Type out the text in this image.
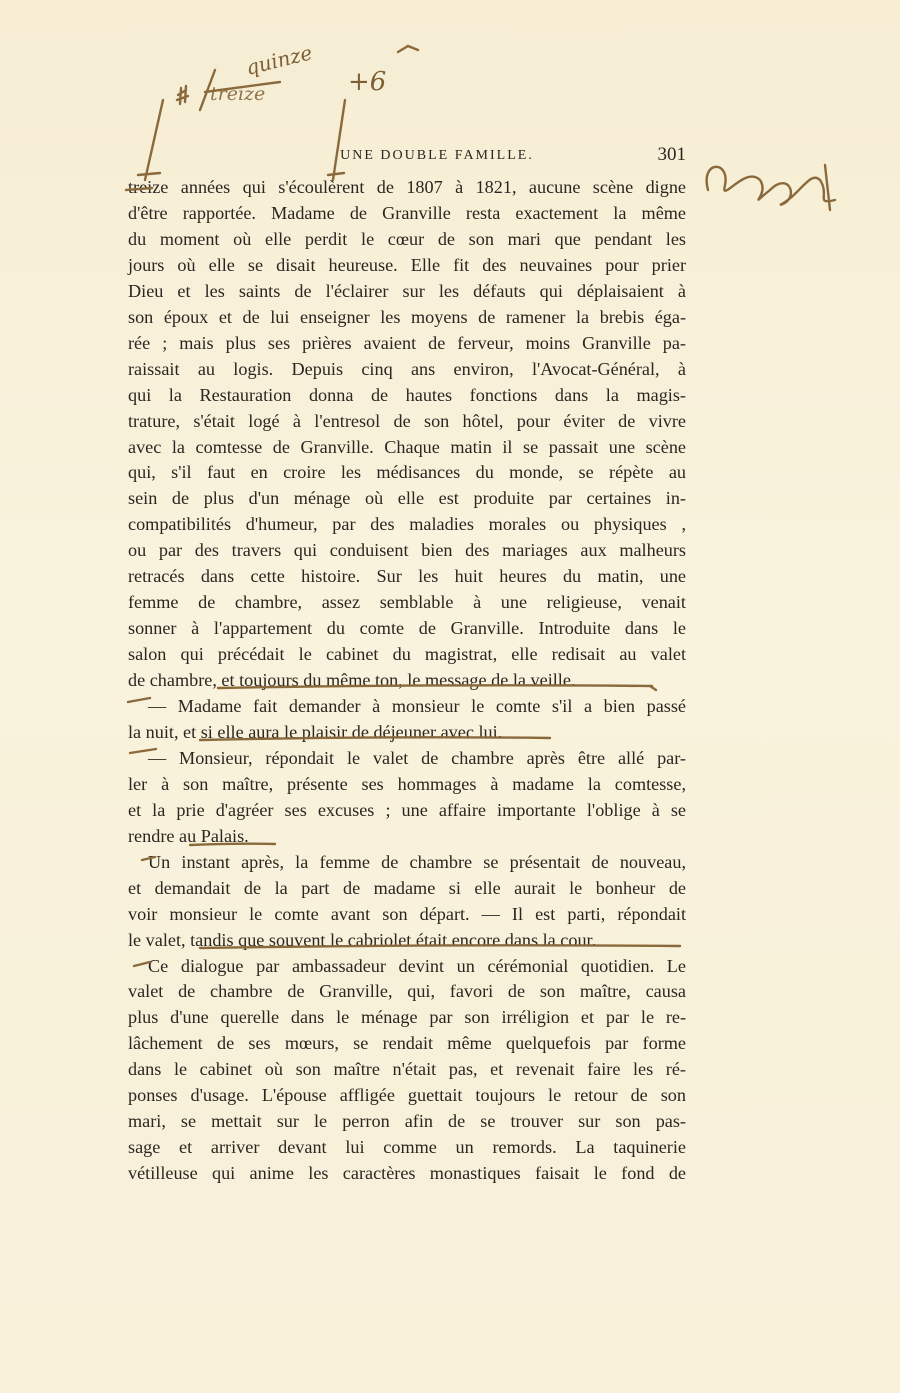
UNE DOUBLE FAMILLE.	301
treize années qui s'écoulèrent de 1807 à 1821, aucune scène digne
d'être rapportée. Madame de Granville resta exactement la même
du moment où elle perdit le cœur de son mari que pendant les
jours où elle se disait heureuse. Elle fit des neuvaines pour prier
Dieu et les saints de l'éclairer sur les défauts qui déplaisaient à
son époux et de lui enseigner les moyens de ramener la brebis éga-
rée ; mais plus ses prières avaient de ferveur, moins Granville pa-
raissait au logis. Depuis cinq ans environ, l'Avocat-Général, à
qui la Restauration donna de hautes fonctions dans la magis-
trature, s'était logé à l'entresol de son hôtel, pour éviter de vivre
avec la comtesse de Granville. Chaque matin il se passait une scène
qui, s'il faut en croire les médisances du monde, se répète au
sein de plus d'un ménage où elle est produite par certaines in-
compatibilités d'humeur, par des maladies morales ou physiques ,
ou par des travers qui conduisent bien des mariages aux malheurs
retracés dans cette histoire. Sur les huit heures du matin, une
femme de chambre, assez semblable à une religieuse, venait
sonner à l'appartement du comte de Granville. Introduite dans le
salon qui précédait le cabinet du magistrat, elle redisait au valet
de chambre, et toujours du même ton, le message de la veille.
— Madame fait demander à monsieur le comte s'il a bien passé
la nuit, et si elle aura le plaisir de déjeuner avec lui.
— Monsieur, répondait le valet de chambre après être allé par-
ler à son maître, présente ses hommages à madame la comtesse,
et la prie d'agréer ses excuses ; une affaire importante l'oblige à se
rendre au Palais.
Un instant après, la femme de chambre se présentait de nouveau,
et demandait de la part de madame si elle aurait le bonheur de
voir monsieur le comte avant son départ. — Il est parti, répondait
le valet, tandis que souvent le cabriolet était encore dans la cour.
Ce dialogue par ambassadeur devint un cérémonial quotidien. Le
valet de chambre de Granville, qui, favori de son maître, causa
plus d'une querelle dans le ménage par son irréligion et par le re-
lâchement de ses mœurs, se rendait même quelquefois par forme
dans le cabinet où son maître n'était pas, et revenait faire les ré-
ponses d'usage. L'épouse affligée guettait toujours le retour de son
mari, se mettait sur le perron afin de se trouver sur son pas-
sage et arriver devant lui comme un remords. La taquinerie
vétilleuse qui anime les caractères monastiques faisait le fond de
quinze
treize	+6
